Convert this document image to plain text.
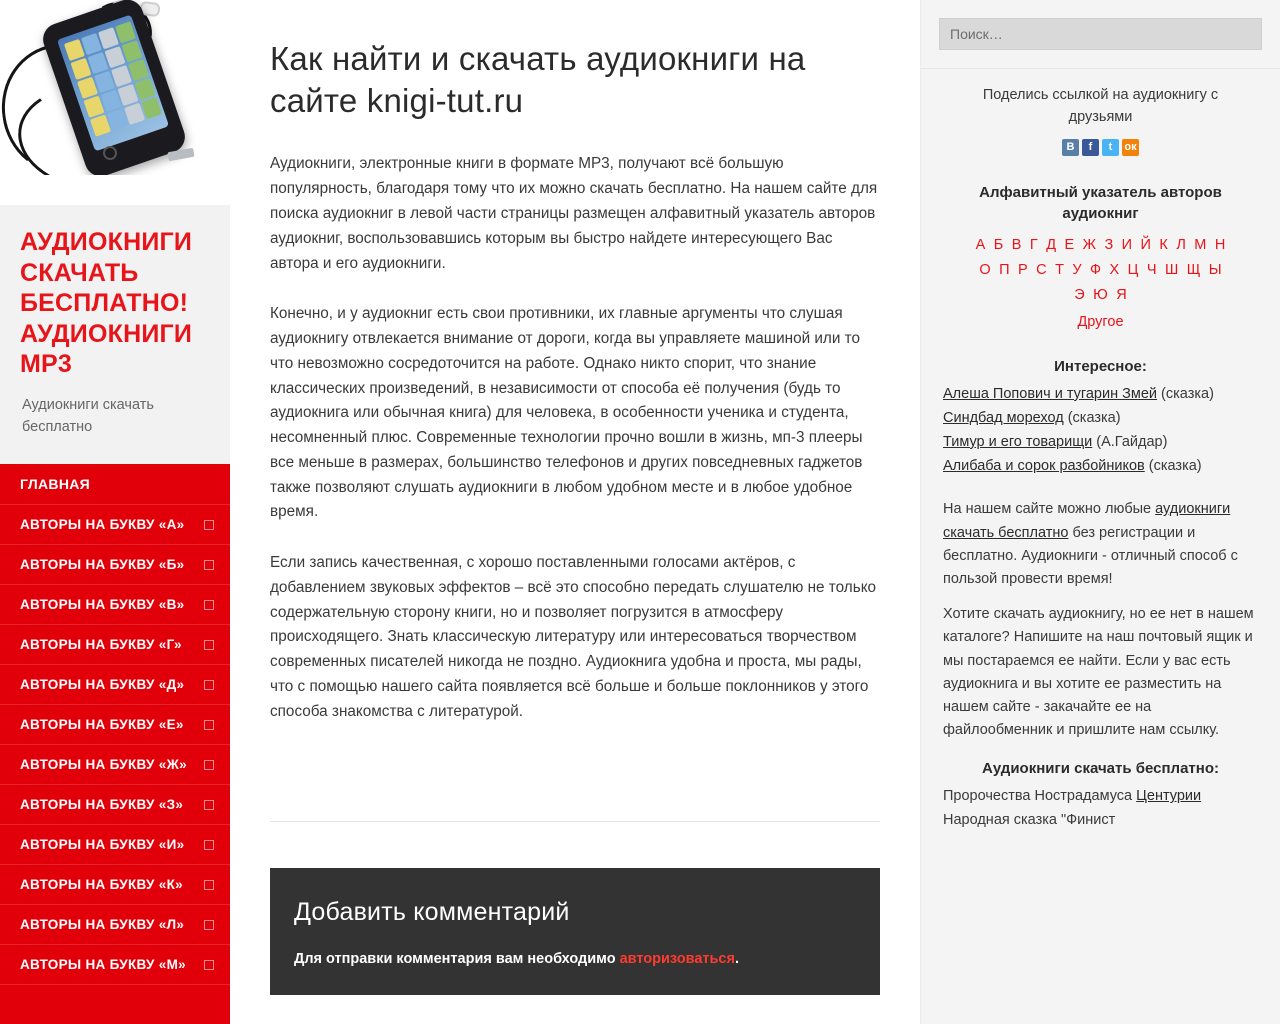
АУДИОКНИГИ СКАЧАТЬ БЕСПЛАТНО! АУДИОКНИГИ MP3
Аудиокниги скачать бесплатно
ГЛАВНАЯ
АВТОРЫ НА БУКВУ «А»
АВТОРЫ НА БУКВУ «Б»
АВТОРЫ НА БУКВУ «В»
АВТОРЫ НА БУКВУ «Г»
АВТОРЫ НА БУКВУ «Д»
АВТОРЫ НА БУКВУ «Е»
АВТОРЫ НА БУКВУ «Ж»
АВТОРЫ НА БУКВУ «З»
АВТОРЫ НА БУКВУ «И»
АВТОРЫ НА БУКВУ «К»
АВТОРЫ НА БУКВУ «Л»
АВТОРЫ НА БУКВУ «М»
Как найти и скачать аудиокниги на сайте knigi-tut.ru

Аудиокниги, электронные книги в формате MP3, получают всё большую популярность, благодаря тому что их можно скачать бесплатно. На нашем сайте для поиска аудиокниг в левой части страницы размещен алфавитный указатель авторов аудиокниг, воспользовавшись которым вы быстро найдете интересующего Вас автора и его аудиокниги.

Конечно, и у аудиокниг есть свои противники, их главные аргументы что слушая аудиокнигу отвлекается внимание от дороги, когда вы управляете машиной или то что невозможно сосредоточится на работе. Однако никто спорит, что знание классических произведений, в независимости от способа её получения (будь то аудиокнига или обычная книга) для человека, в особенности ученика и студента, несомненный плюс. Современные технологии прочно вошли в жизнь, мп-3 плееры все меньше в размерах, большинство телефонов и других повседневных гаджетов также позволяют слушать аудиокниги в любом удобном месте и в любое удобное время.

Если запись качественная, с хорошо поставленными голосами актёров, с добавлением звуковых эффектов – всё это способно передать слушателю не только содержательную сторону книги, но и позволяет погрузится в атмосферу происходящего. Знать классическую литературу или интересоваться творчеством современных писателей никогда не поздно. Аудиокнига удобна и проста, мы рады, что с помощью нашего сайта появляется всё больше и больше поклонников у этого способа знакомства с литературой.

Добавить комментарий

Для отправки комментария вам необходимо авторизоваться.

Поиск…
Поделись ссылкой на аудиокнигу с друзьями
В	f	t	ок
Алфавитный указатель авторов аудиокниг
А Б В Г Д Е Ж З И Й К Л М Н
О П Р С Т У Ф Х Ц Ч Ш Щ Ы
Э Ю Я
Другое
Интересное:
Алеша Попович и тугарин Змей (сказка)
Синдбад мореход (сказка)
Тимур и его товарищи (А.Гайдар)
Алибаба и сорок разбойников (сказка)
На нашем сайте можно любые аудиокниги скачать бесплатно без регистрации и бесплатно. Аудиокниги - отличный способ с пользой провести время!
Хотите скачать аудиокнигу, но ее нет в нашем каталоге? Напишите на наш почтовый ящик и мы постараемся ее найти. Если у вас есть аудиокнига и вы хотите ее разместить на нашем сайте - закачайте ее на файлообменник и пришлите нам ссылку.
Аудиокниги скачать бесплатно:
Пророчества Нострадамуса Центурии
Народная сказка "Финист
